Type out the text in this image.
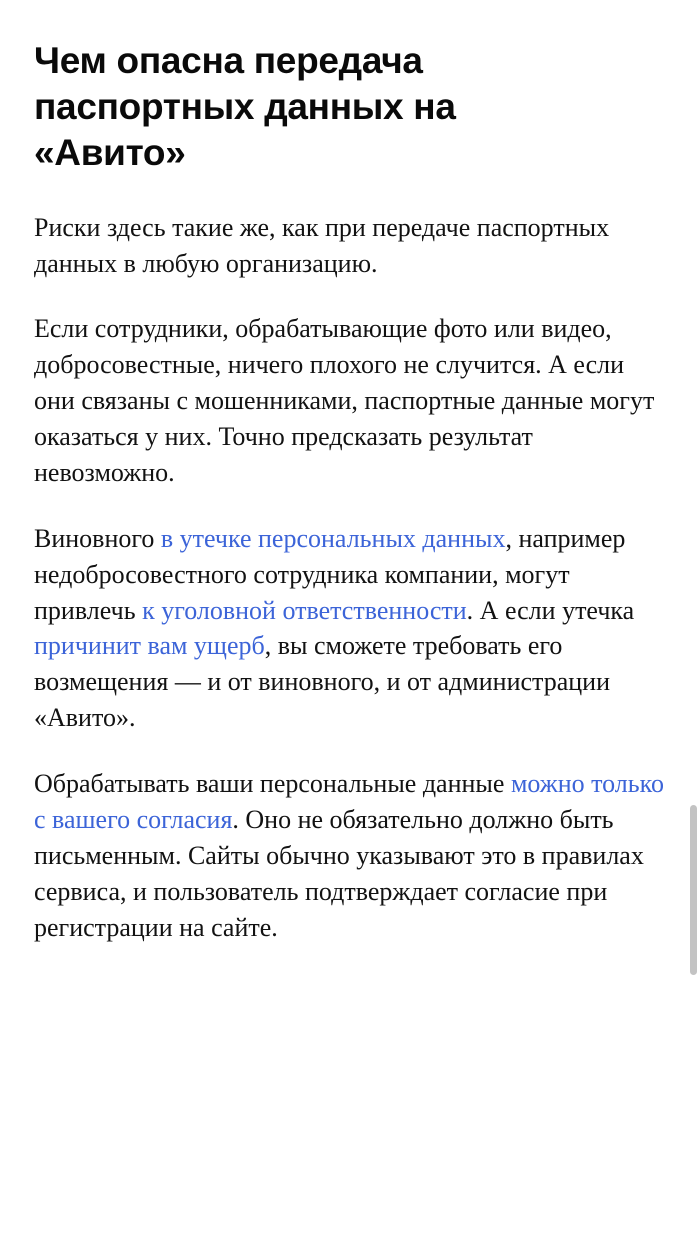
Чем опасна передача паспортных данных на «Авито»

Риски здесь такие же, как при передаче паспортных данных в любую организацию.

Если сотрудники, обрабатывающие фото или видео, добросовестные, ничего плохого не случится. А если они связаны с мошенниками, паспортные данные могут оказаться у них. Точно предсказать результат невозможно.

Виновного в утечке персональных данных, например недобросовестного сотрудника компании, могут привлечь к уголовной ответственности. А если утечка причинит вам ущерб, вы сможете требовать его возмещения — и от виновного, и от администрации «Авито».

Обрабатывать ваши персональные данные можно только с вашего согласия. Оно не обязательно должно быть письменным. Сайты обычно указывают это в правилах сервиса, и пользователь подтверждает согласие при регистрации на сайте.
